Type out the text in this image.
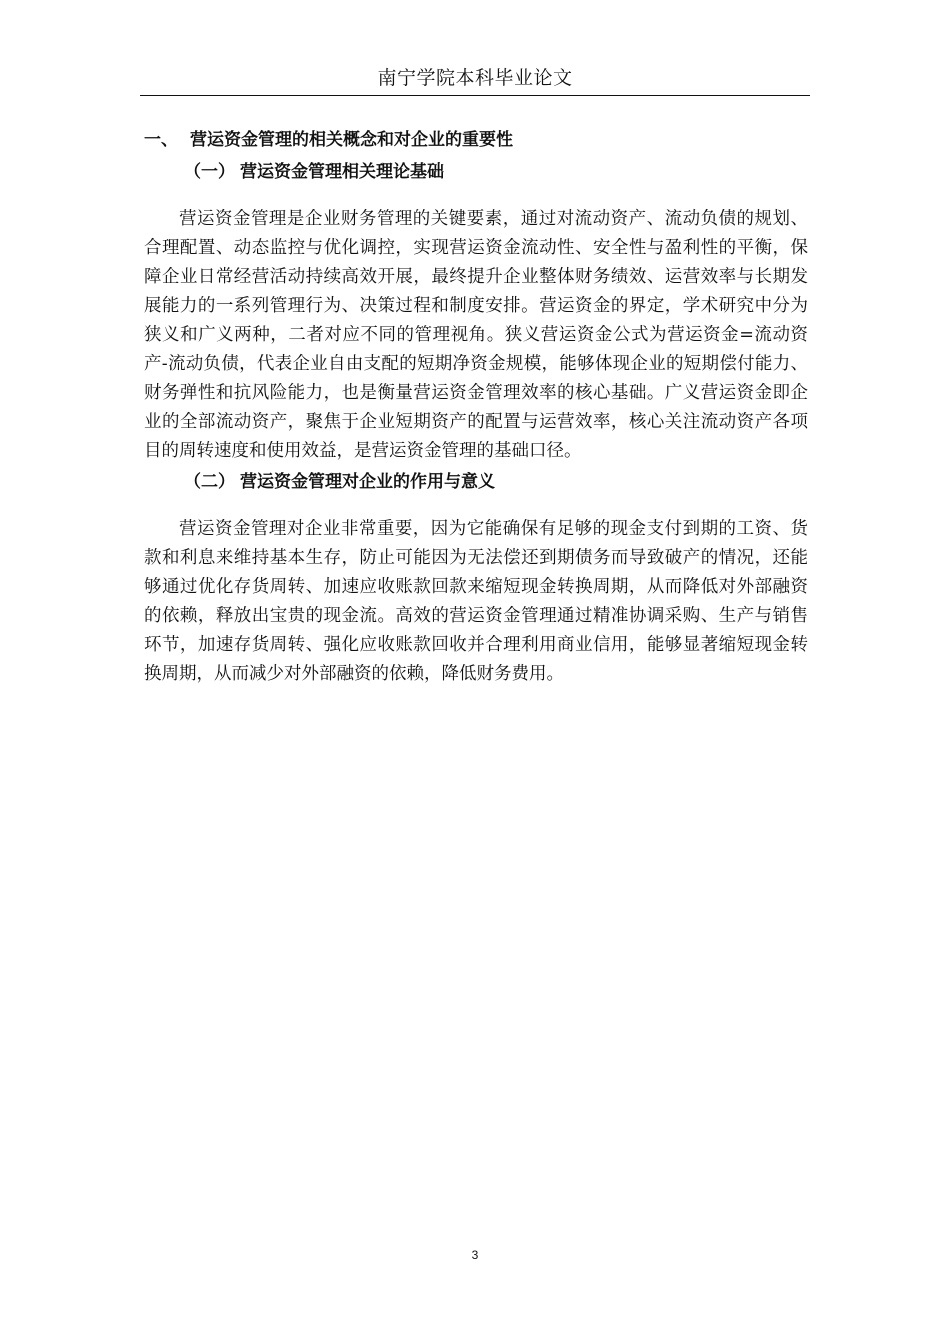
南宁学院本科毕业论文
一、 营运资金管理的相关概念和对企业的重要性
（一） 营运资金管理相关理论基础

营运资金管理是企业财务管理的关键要素，通过对流动资产、流动负债的规划、合理配置、动态监控与优化调控，实现营运资金流动性、安全性与盈利性的平衡，保障企业日常经营活动持续高效开展，最终提升企业整体财务绩效、运营效率与长期发展能力的一系列管理行为、决策过程和制度安排。营运资金的界定，学术研究中分为狭义和广义两种，二者对应不同的管理视角。狭义营运资金公式为营运资金=流动资产-流动负债，代表企业自由支配的短期净资金规模，能够体现企业的短期偿付能力、财务弹性和抗风险能力，也是衡量营运资金管理效率的核心基础。广义营运资金即企业的全部流动资产，聚焦于企业短期资产的配置与运营效率，核心关注流动资产各项目的周转速度和使用效益，是营运资金管理的基础口径。

（二） 营运资金管理对企业的作用与意义

营运资金管理对企业非常重要，因为它能确保有足够的现金支付到期的工资、货款和利息来维持基本生存，防止可能因为无法偿还到期债务而导致破产的情况，还能够通过优化存货周转、加速应收账款回款来缩短现金转换周期，从而降低对外部融资的依赖，释放出宝贵的现金流。高效的营运资金管理通过精准协调采购、生产与销售环节，加速存货周转、强化应收账款回收并合理利用商业信用，能够显著缩短现金转换周期，从而减少对外部融资的依赖，降低财务费用。

3
